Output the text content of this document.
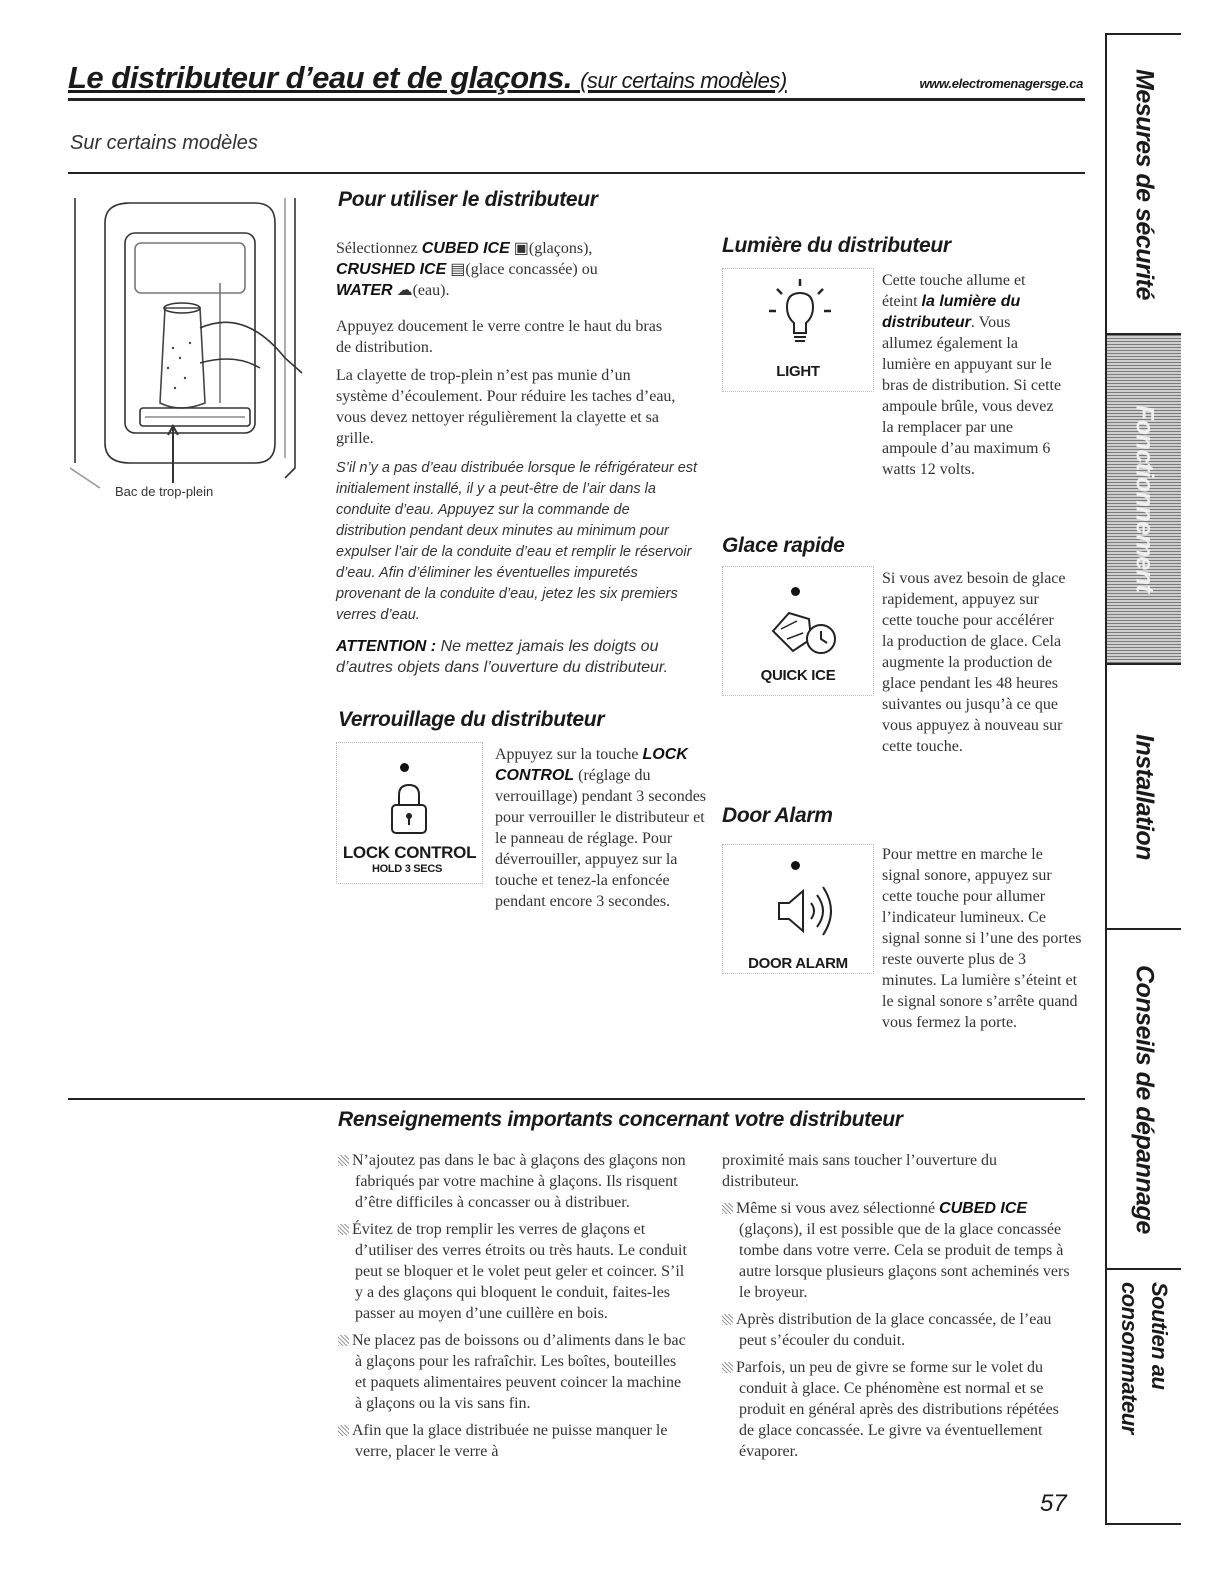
Le distributeur d’eau et de glaçons. (sur certains modèles)	www.electromenagersge.ca
Sur certains modèles
Bac de trop-plein
Pour utiliser le distributeur
Sélectionnez CUBED ICE ▣(glaçons),
CRUSHED ICE ▤(glace concassée) ou
WATER ☁(eau).
Appuyez doucement le verre contre le haut du bras de distribution.
La clayette de trop-plein n’est pas munie d’un système d’écoulement. Pour réduire les taches d’eau, vous devez nettoyer régulièrement la clayette et sa grille.
S’il n’y a pas d’eau distribuée lorsque le réfrigérateur est initialement installé, il y a peut-être de l’air dans la conduite d’eau. Appuyez sur la commande de distribution pendant deux minutes au minimum pour expulser l’air de la conduite d’eau et remplir le réservoir d’eau. Afin d’éliminer les éventuelles impuretés provenant de la conduite d’eau, jetez les six premiers verres d’eau.
ATTENTION : Ne mettez jamais les doigts ou d’autres objets dans l’ouverture du distributeur.
Verrouillage du distributeur
LOCK CONTROL
HOLD 3 SECS
Appuyez sur la touche LOCK CONTROL (réglage du verrouillage) pendant 3 secondes pour verrouiller le distributeur et le panneau de réglage. Pour déverrouiller, appuyez sur la touche et tenez-la enfoncée pendant encore 3 secondes.
Lumière du distributeur
LIGHT
Cette touche allume et éteint la lumière du distributeur. Vous allumez également la lumière en appuyant sur le bras de distribution. Si cette ampoule brûle, vous devez la remplacer par une ampoule d’au maximum 6 watts 12 volts.
Glace rapide
QUICK ICE
Si vous avez besoin de glace rapidement, appuyez sur cette touche pour accélérer la production de glace. Cela augmente la production de glace pendant les 48 heures suivantes ou jusqu’à ce que vous appuyez à nouveau sur cette touche.
Door Alarm
DOOR ALARM
Pour mettre en marche le signal sonore, appuyez sur cette touche pour allumer l’indicateur lumineux. Ce signal sonne si l’une des portes reste ouverte plus de 3 minutes. La lumière s’éteint et le signal sonore s’arrête quand vous fermez la porte.
Renseignements importants concernant votre distributeur
N’ajoutez pas dans le bac à glaçons des glaçons non fabriqués par votre machine à glaçons. Ils risquent d’être difficiles à concasser ou à distribuer.
Évitez de trop remplir les verres de glaçons et d’utiliser des verres étroits ou très hauts. Le conduit peut se bloquer et le volet peut geler et coincer. S’il y a des glaçons qui bloquent le conduit, faites-les passer au moyen d’une cuillère en bois.
Ne placez pas de boissons ou d’aliments dans le bac à glaçons pour les rafraîchir. Les boîtes, bouteilles et paquets alimentaires peuvent coincer la machine à glaçons ou la vis sans fin.
Afin que la glace distribuée ne puisse manquer le verre, placer le verre à
proximité mais sans toucher l’ouverture du distributeur.
Même si vous avez sélectionné CUBED ICE (glaçons), il est possible que de la glace concassée tombe dans votre verre. Cela se produit de temps à autre lorsque plusieurs glaçons sont acheminés vers le broyeur.
Après distribution de la glace concassée, de l’eau peut s’écouler du conduit.
Parfois, un peu de givre se forme sur le volet du conduit à glace. Ce phénomène est normal et se produit en général après des distributions répétées de glace concassée. Le givre va éventuellement évaporer.
57
Mesures de sécurité
Fonctionnement
Installation
Conseils de dépannage
Soutien au consommateur
